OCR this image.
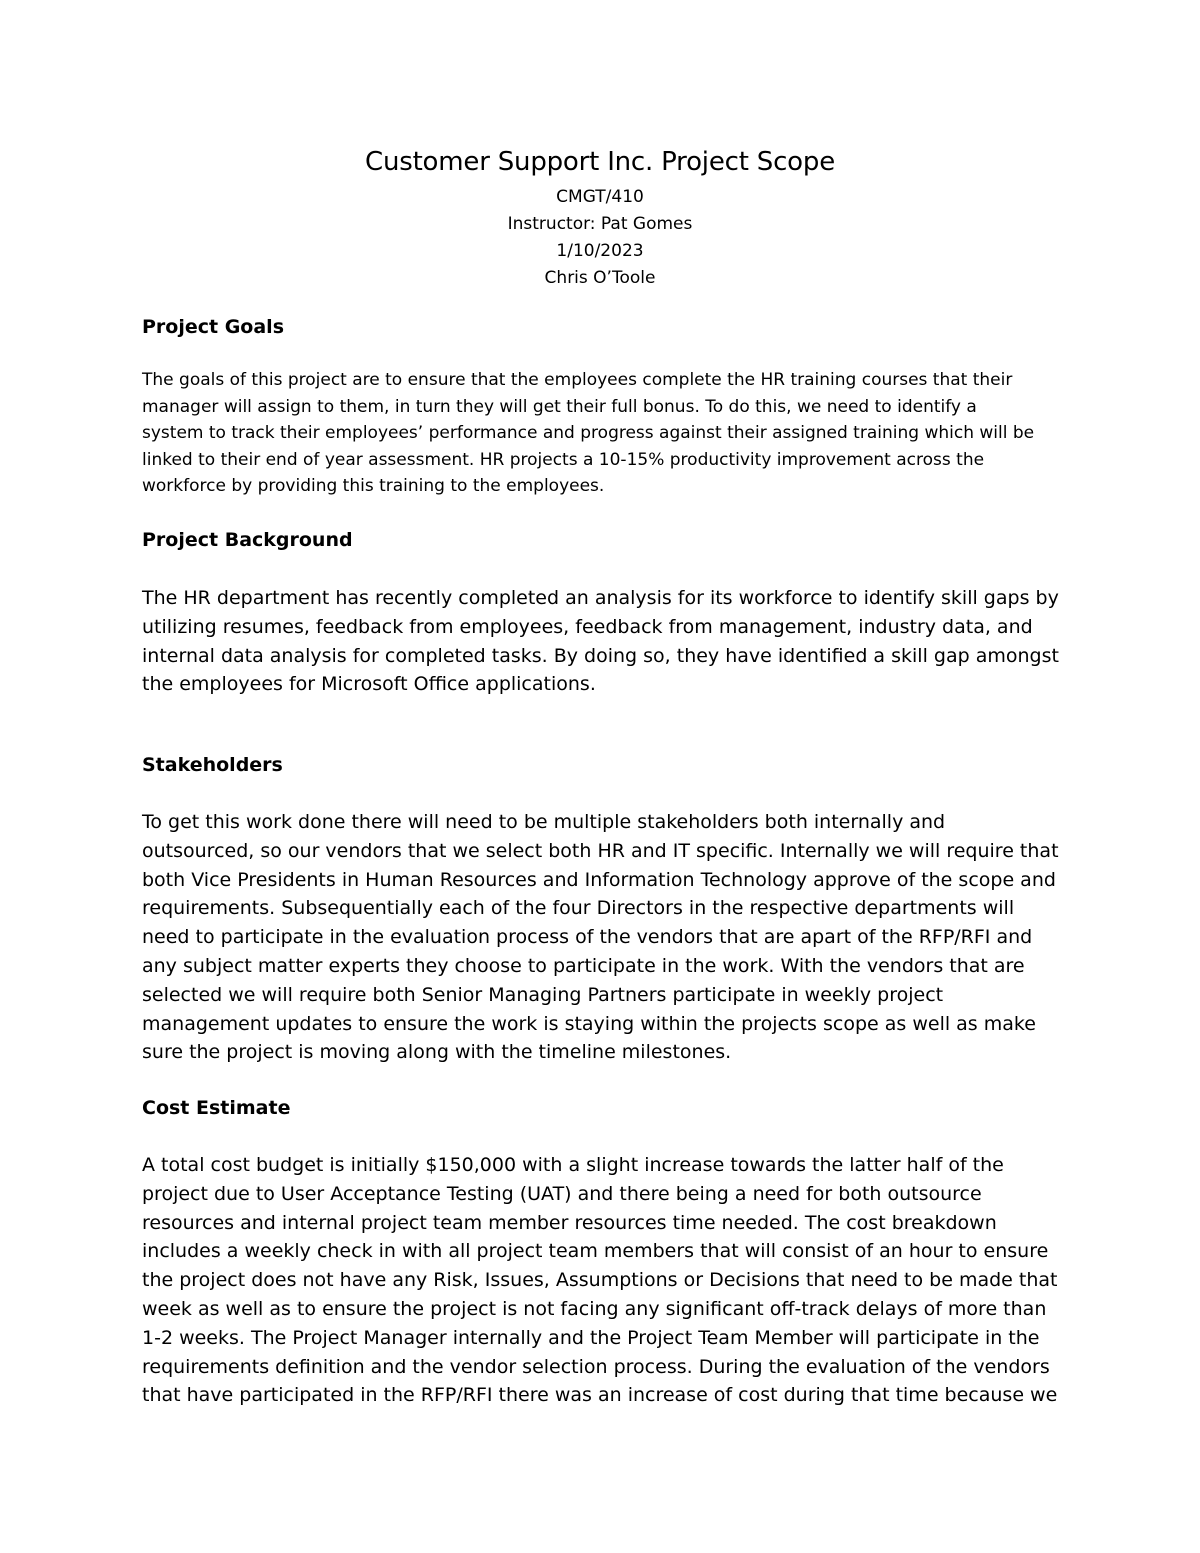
Customer Support Inc. Project Scope
CMGT/410
Instructor: Pat Gomes
1/10/2023
Chris O’Toole
Project Goals
The goals of this project are to ensure that the employees complete the HR training courses that their
manager will assign to them, in turn they will get their full bonus. To do this, we need to identify a
system to track their employees’ performance and progress against their assigned training which will be
linked to their end of year assessment. HR projects a 10-15% productivity improvement across the
workforce by providing this training to the employees.
Project Background
The HR department has recently completed an analysis for its workforce to identify skill gaps by
utilizing resumes, feedback from employees, feedback from management, industry data, and
internal data analysis for completed tasks. By doing so, they have identified a skill gap amongst
the employees for Microsoft Office applications.
Stakeholders
To get this work done there will need to be multiple stakeholders both internally and
outsourced, so our vendors that we select both HR and IT specific. Internally we will require that
both Vice Presidents in Human Resources and Information Technology approve of the scope and
requirements. Subsequentially each of the four Directors in the respective departments will
need to participate in the evaluation process of the vendors that are apart of the RFP/RFI and
any subject matter experts they choose to participate in the work. With the vendors that are
selected we will require both Senior Managing Partners participate in weekly project
management updates to ensure the work is staying within the projects scope as well as make
sure the project is moving along with the timeline milestones.
Cost Estimate
A total cost budget is initially $150,000 with a slight increase towards the latter half of the
project due to User Acceptance Testing (UAT) and there being a need for both outsource
resources and internal project team member resources time needed. The cost breakdown
includes a weekly check in with all project team members that will consist of an hour to ensure
the project does not have any Risk, Issues, Assumptions or Decisions that need to be made that
week as well as to ensure the project is not facing any significant off-track delays of more than
1-2 weeks. The Project Manager internally and the Project Team Member will participate in the
requirements definition and the vendor selection process. During the evaluation of the vendors
that have participated in the RFP/RFI there was an increase of cost during that time because we
